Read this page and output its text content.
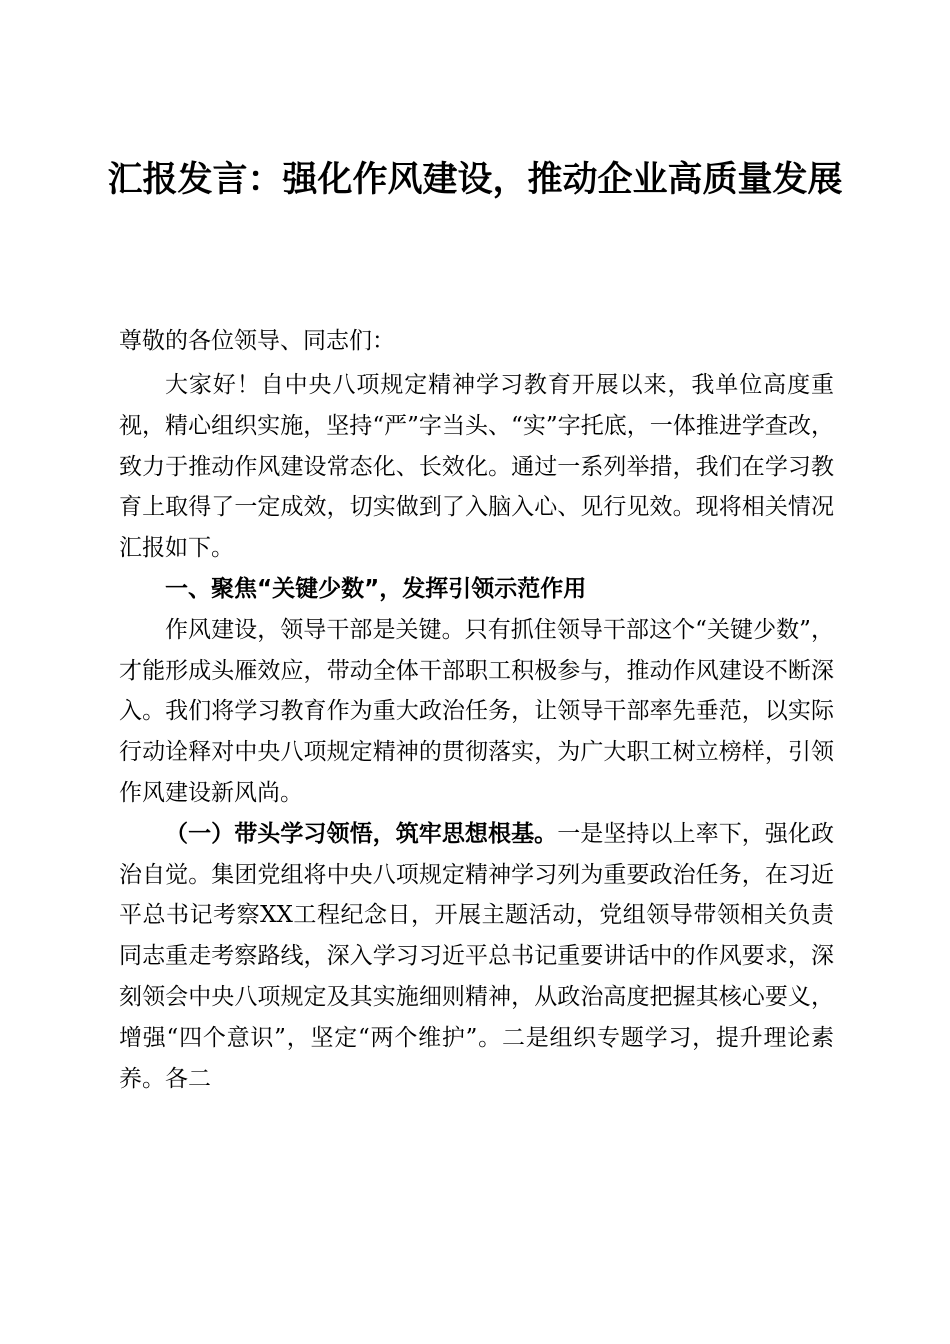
汇报发言：强化作风建设，推动企业高质量发展

尊敬的各位领导、同志们：

大家好！自中央八项规定精神学习教育开展以来，我单位高度重视，精心组织实施，坚持“严”字当头、“实”字托底，一体推进学查改，致力于推动作风建设常态化、长效化。通过一系列举措，我们在学习教育上取得了一定成效，切实做到了入脑入心、见行见效。现将相关情况汇报如下。

一、聚焦“关键少数”，发挥引领示范作用

作风建设，领导干部是关键。只有抓住领导干部这个“关键少数”，才能形成头雁效应，带动全体干部职工积极参与，推动作风建设不断深入。我们将学习教育作为重大政治任务，让领导干部率先垂范，以实际行动诠释对中央八项规定精神的贯彻落实，为广大职工树立榜样，引领作风建设新风尚。

（一）带头学习领悟，筑牢思想根基。一是坚持以上率下，强化政治自觉。集团党组将中央八项规定精神学习列为重要政治任务，在习近平总书记考察XX工程纪念日，开展主题活动，党组领导带领相关负责同志重走考察路线，深入学习习近平总书记重要讲话中的作风要求，深刻领会中央八项规定及其实施细则精神，从政治高度把握其核心要义，增强“四个意识”，坚定“两个维护”。二是组织专题学习，提升理论素养。各二
